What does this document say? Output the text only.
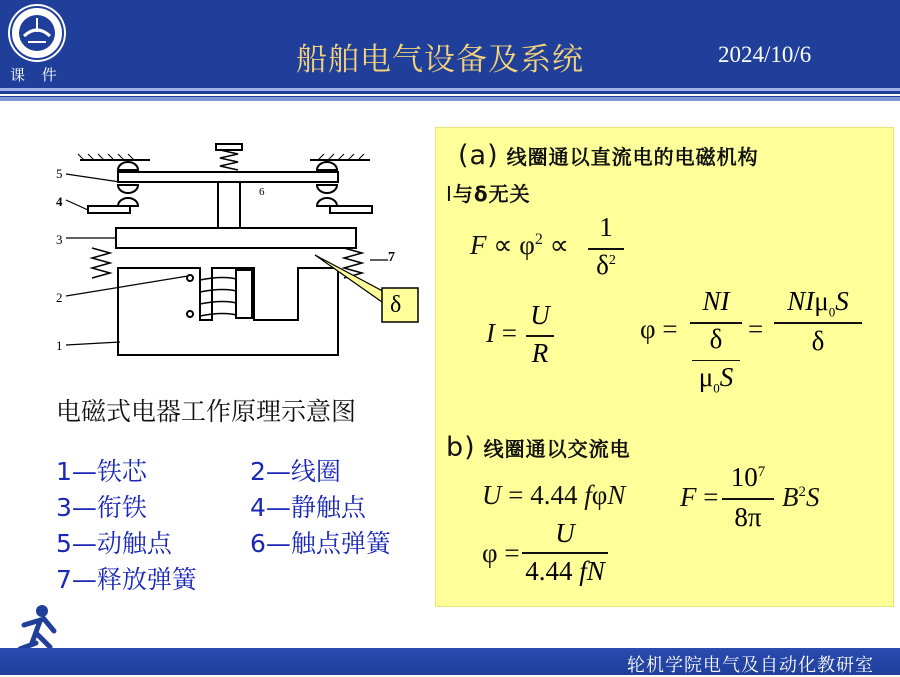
课 件	船舶电气设备及系统	2024/10/6
5
4
3
2
1
6
7
δ
电磁式电器工作原理示意图
1—铁芯	2—线圈
3—衔铁	4—静触点
5—动触点	6—触点弹簧
7—释放弹簧
(a) 线圈通以直流电的电磁机构
I与δ无关
$F \propto \varphi^2$ ∝
1
$\delta^2$
I =
U
R
φ =
NI
δ
$\mu_0S$
=
NIμ$_0$S
δ
b) 线圈通以交流电
U = 4.44 fφN F =
$10^7$
8π
$B^2S$
φ =
U
4.44 fN
轮机学院电气及自动化教研室
